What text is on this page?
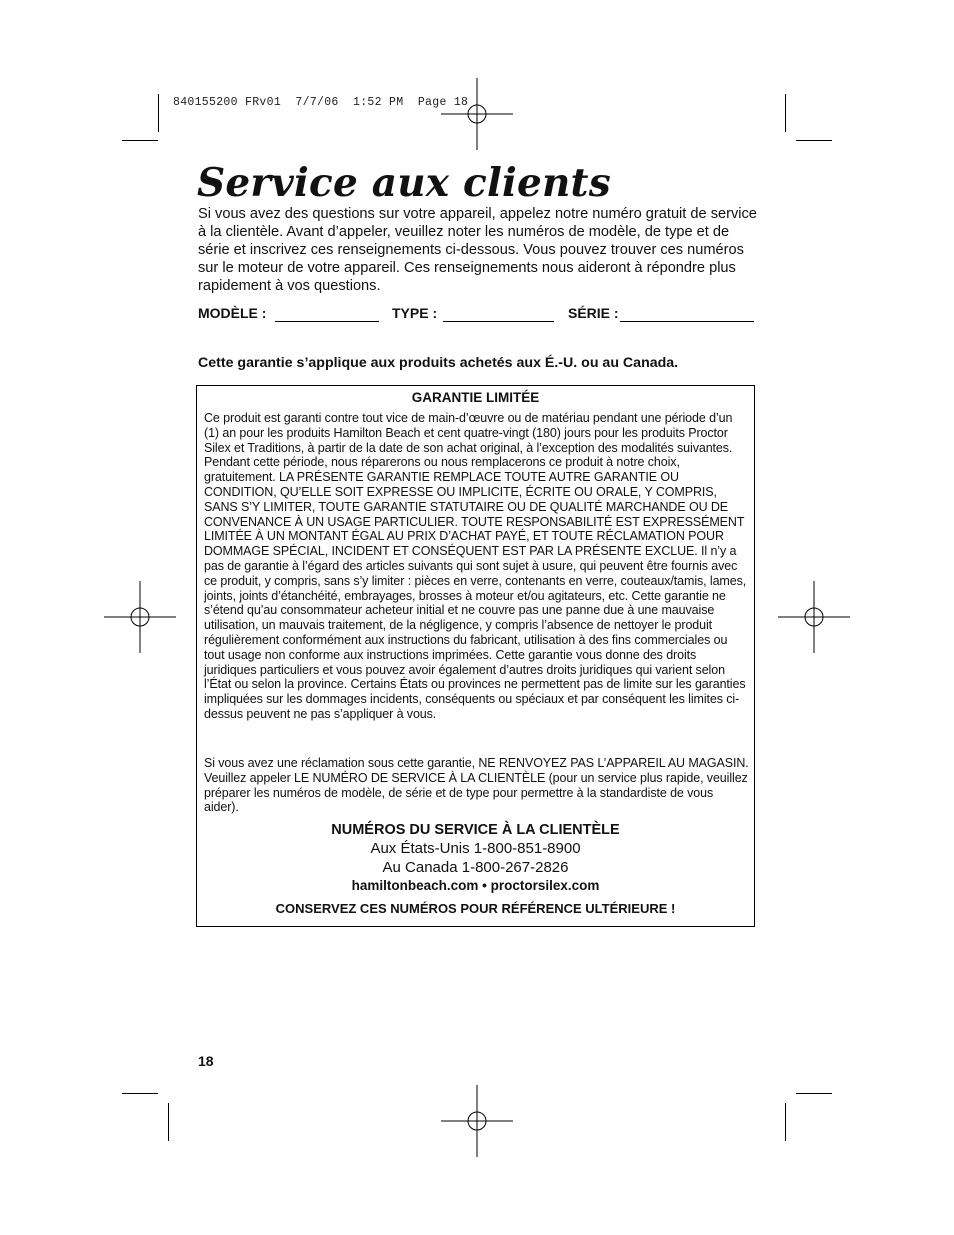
840155200 FRv01  7/7/06  1:52 PM  Page 18
Service aux clients

Si vous avez des questions sur votre appareil, appelez notre numéro gratuit de service à la clientèle. Avant d’appeler, veuillez noter les numéros de modèle, de type et de série et inscrivez ces renseignements ci-dessous. Vous pouvez trouver ces numéros sur le moteur de votre appareil. Ces renseignements nous aideront à répondre plus rapidement à vos questions.

MODÈLE :	TYPE :	SÉRIE :

Cette garantie s’applique aux produits achetés aux É.-U. ou au Canada.

GARANTIE LIMITÉE

Ce produit est garanti contre tout vice de main-d’œuvre ou de matériau pendant une période d’un (1) an pour les produits Hamilton Beach et cent quatre-vingt (180) jours pour les produits Proctor Silex et Traditions, à partir de la date de son achat original, à l’exception des modalités suivantes. Pendant cette période, nous réparerons ou nous remplacerons ce produit à notre choix, gratuitement. LA PRÉSENTE GARANTIE REMPLACE TOUTE AUTRE GARANTIE OU CONDITION, QU’ELLE SOIT EXPRESSE OU IMPLICITE, ÉCRITE OU ORALE, Y COMPRIS, SANS S’Y LIMITER, TOUTE GARANTIE STATUTAIRE OU DE QUALITÉ MARCHANDE OU DE CONVENANCE À UN USAGE PARTICULIER. TOUTE RESPONSABILITÉ EST EXPRESSÉMENT LIMITÉE À UN MONTANT ÉGAL AU PRIX D’ACHAT PAYÉ, ET TOUTE RÉCLAMATION POUR DOMMAGE SPÉCIAL, INCIDENT ET CONSÉQUENT EST PAR LA PRÉSENTE EXCLUE. Il n’y a pas de garantie à l’égard des articles suivants qui sont sujet à usure, qui peuvent être fournis avec ce produit, y compris, sans s’y limiter : pièces en verre, contenants en verre, couteaux/tamis, lames, joints, joints d’étanchéité, embrayages, brosses à moteur et/ou agitateurs, etc. Cette garantie ne s’étend qu’au consommateur acheteur initial et ne couvre pas une panne due à une mauvaise utilisation, un mauvais traitement, de la négligence, y compris l’absence de nettoyer le produit régulièrement conformément aux instructions du fabricant, utilisation à des fins commerciales ou tout usage non conforme aux instructions imprimées. Cette garantie vous donne des droits juridiques particuliers et vous pouvez avoir également d’autres droits juridiques qui varient selon l’État ou selon la province. Certains États ou provinces ne permettent pas de limite sur les garanties impliquées sur les dommages incidents, conséquents ou spéciaux et par conséquent les limites ci-dessus peuvent ne pas s’appliquer à vous.

Si vous avez une réclamation sous cette garantie, NE RENVOYEZ PAS L’APPAREIL AU MAGASIN. Veuillez appeler LE NUMÉRO DE SERVICE À LA CLIENTÈLE (pour un service plus rapide, veuillez préparer les numéros de modèle, de série et de type pour permettre à la standardiste de vous aider).

NUMÉROS DU SERVICE À LA CLIENTÈLE

Aux États-Unis 1-800-851-8900

Au Canada 1-800-267-2826

hamiltonbeach.com • proctorsilex.com

CONSERVEZ CES NUMÉROS POUR RÉFÉRENCE ULTÉRIEURE !

18
